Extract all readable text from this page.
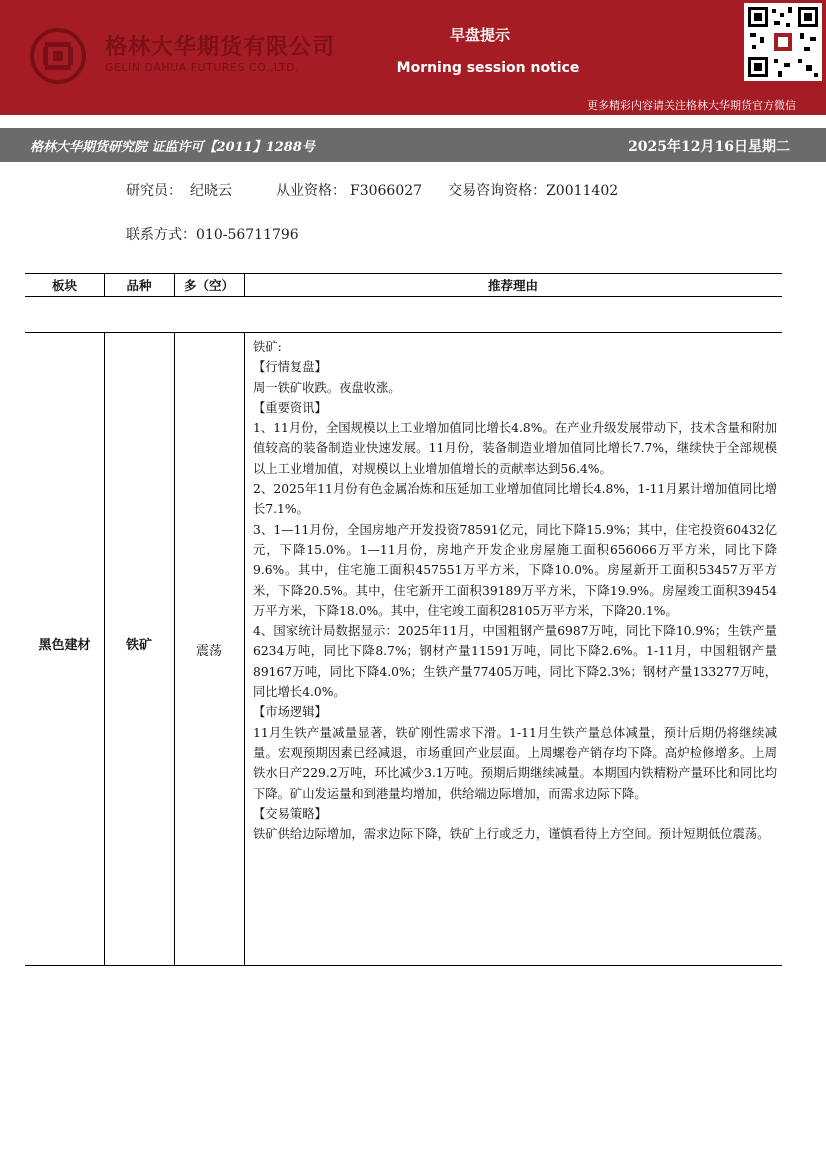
格林大华期货有限公司
GELIN DAHUA FUTURES CO.,LTD.
早盘提示
Morning session notice
更多精彩内容请关注格林大华期货官方微信
格林大华期货研究院 证监许可【2011】1288号	2025年12月16日星期二
研究员： 纪晓云	从业资格： F3066027 交易咨询资格：Z0011402
联系方式：010-56711796
板块	品种	多（空）	推荐理由
黑色建材	铁矿	震荡

铁矿:

【行情复盘】

周一铁矿收跌。夜盘收涨。

【重要资讯】

1、11月份，全国规模以上工业增加值同比增长4.8%。在产业升级发展带动下，技术含量和附加值较高的装备制造业快速发展。11月份，装备制造业增加值同比增长7.7%，继续快于全部规模以上工业增加值，对规模以上业增加值增长的贡献率达到56.4%。

2、2025年11月份有色金属冶炼和压延加工业增加值同比增长4.8%，1-11月累计增加值同比增长7.1%。

3、1—11月份，全国房地产开发投资78591亿元，同比下降15.9%；其中，住宅投资60432亿元，下降15.0%。1—11月份，房地产开发企业房屋施工面积656066万平方米，同比下降9.6%。其中，住宅施工面积457551万平方米，下降10.0%。房屋新开工面积53457万平方米，下降20.5%。其中，住宅新开工面积39189万平方米，下降19.9%。房屋竣工面积39454万平方米，下降18.0%。其中，住宅竣工面积28105万平方米，下降20.1%。

4、国家统计局数据显示：2025年11月，中国粗钢产量6987万吨，同比下降10.9%；生铁产量6234万吨，同比下降8.7%；钢材产量11591万吨，同比下降2.6%。1-11月，中国粗钢产量89167万吨，同比下降4.0%；生铁产量77405万吨，同比下降2.3%；钢材产量133277万吨，同比增长4.0%。

【市场逻辑】

11月生铁产量减量显著，铁矿刚性需求下滑。1-11月生铁产量总体减量，预计后期仍将继续减量。宏观预期因素已经减退，市场重回产业层面。上周螺卷产销存均下降。高炉检修增多。上周铁水日产229.2万吨，环比减少3.1万吨。预期后期继续减量。本期国内铁精粉产量环比和同比均下降。矿山发运量和到港量均增加，供给端边际增加，而需求边际下降。

【交易策略】

铁矿供给边际增加，需求边际下降，铁矿上行或乏力，谨慎看待上方空间。预计短期低位震荡。
